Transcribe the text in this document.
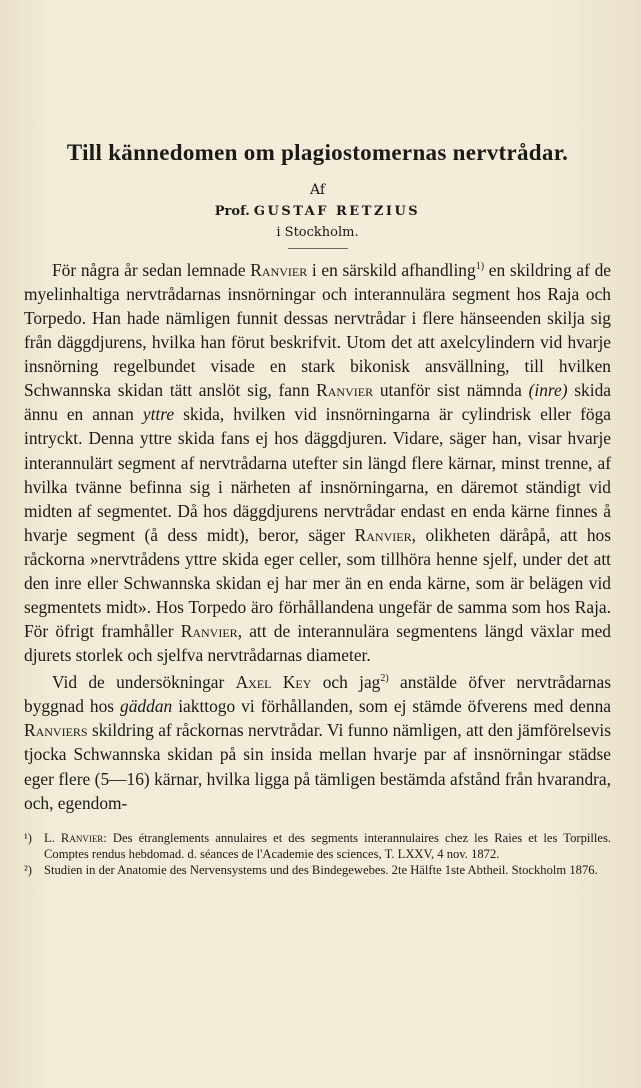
Till kännedomen om plagiostomernas nervtrådar.
Af
Prof. GUSTAF RETZIUS
i Stockholm.

För några år sedan lemnade Ranvier i en särskild afhandling$^{1)}$ en skildring af de myelinhaltiga nervtrådarnas insnörningar och interannulära segment hos Raja och Torpedo. Han hade nämligen funnit dessas nervtrådar i flere hänseenden skilja sig från däggdjurens, hvilka han förut beskrifvit. Utom det att axelcylindern vid hvarje insnörning regelbundet visade en stark bikonisk ansvällning, till hvilken Schwannska skidan tätt anslöt sig, fann Ranvier utanför sist nämnda (inre) skida ännu en annan yttre skida, hvilken vid insnörningarna är cylindrisk eller föga intryckt. Denna yttre skida fans ej hos däggdjuren. Vidare, säger han, visar hvarje interannulärt segment af nervtrådarna utefter sin längd flere kärnar, minst trenne, af hvilka tvänne befinna sig i närheten af insnörningarna, en däremot ständigt vid midten af segmentet. Då hos däggdjurens nervtrådar endast en enda kärne finnes å hvarje segment (å dess midt), beror, säger Ranvier, olikheten däråpå, att hos råckorna »nervtrådens yttre skida eger celler, som tillhöra henne sjelf, under det att den inre eller Schwannska skidan ej har mer än en enda kärne, som är belägen vid segmentets midt». Hos Torpedo äro förhållandena ungefär de samma som hos Raja. För öfrigt framhåller Ranvier, att de interannulära segmentens längd växlar med djurets storlek och sjelfva nervtrådarnas diameter.

Vid de undersökningar Axel Key och jag$^{2)}$ anstälde öfver nervtrådarnas byggnad hos gäddan iakttogo vi förhållanden, som ej stämde öfverens med denna Ranviers skildring af råckornas nervtrådar. Vi funno nämligen, att den jämförelsevis tjocka Schwannska skidan på sin insida mellan hvarje par af insnörningar städse eger flere (5—16) kärnar, hvilka ligga på tämligen bestämda afstånd från hvarandra, och, egendom-

¹) L. Ranvier: Des étranglements annulaires et des segments interannulaires chez les Raies et les Torpilles. Comptes rendus hebdomad. d. séances de l'Academie des sciences, T. LXXV, 4 nov. 1872.
²) Studien in der Anatomie des Nervensystems und des Bindegewebes. 2te Hälfte 1ste Abtheil. Stockholm 1876.
